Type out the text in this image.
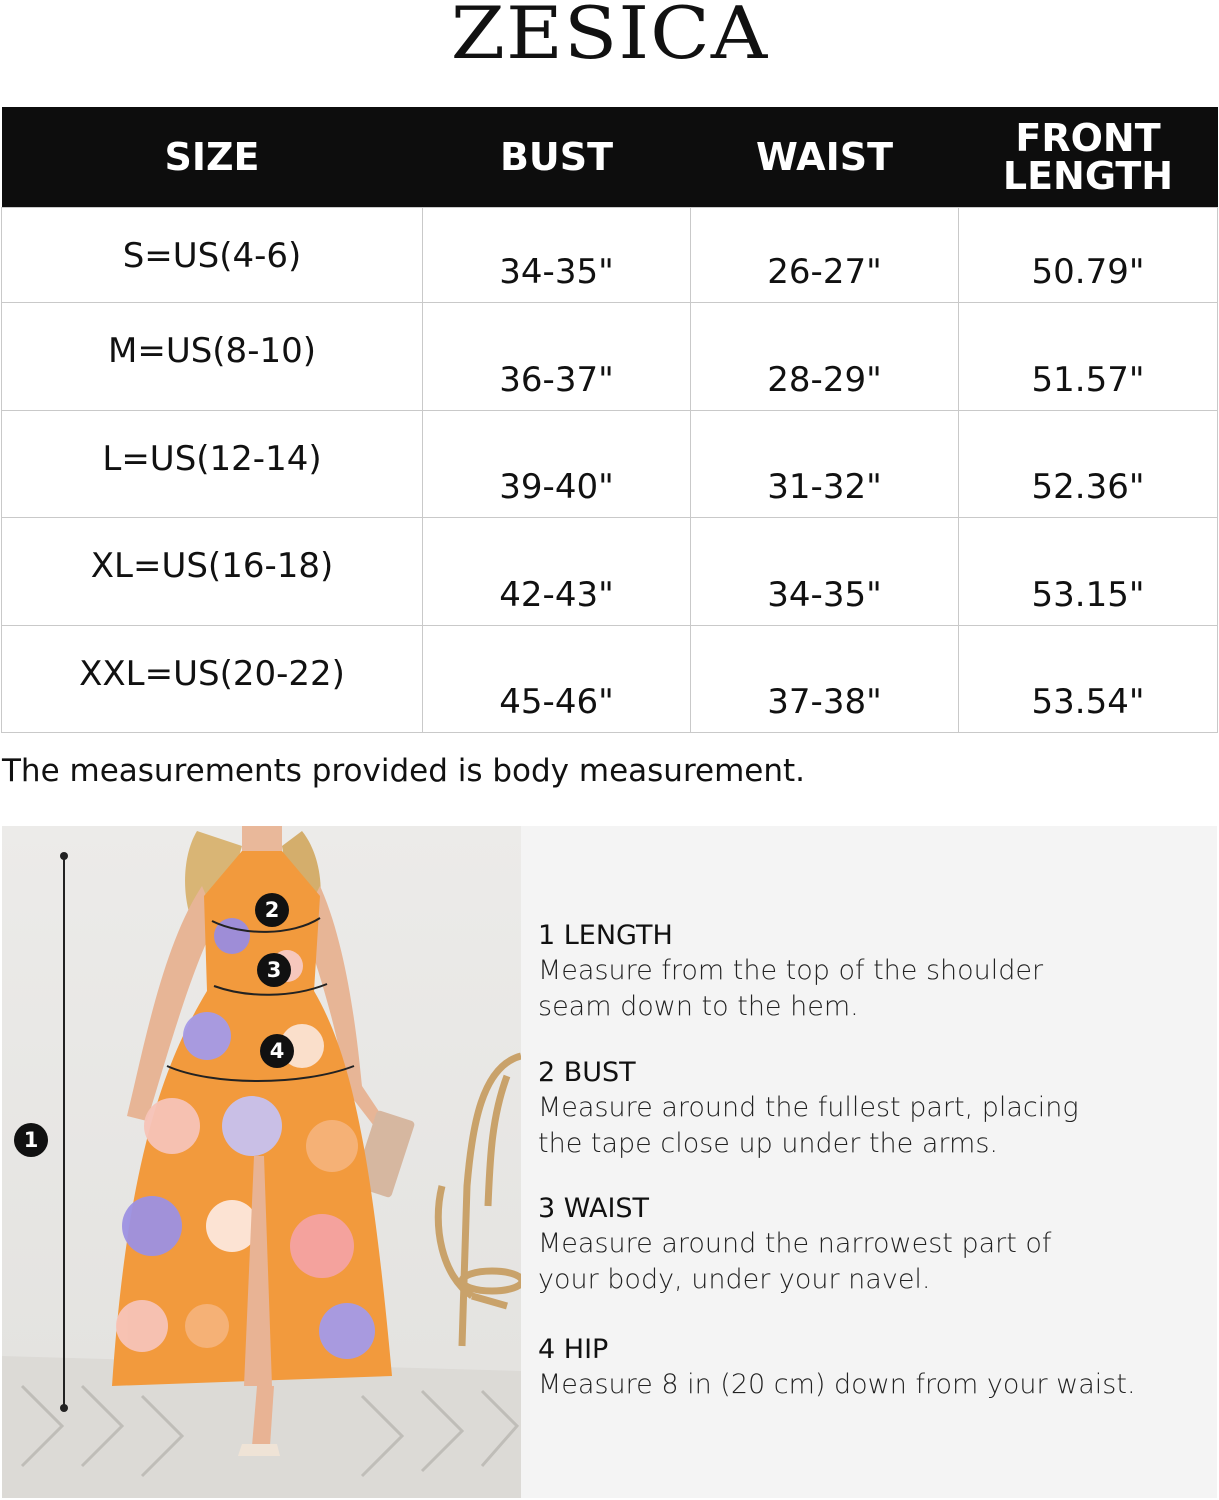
ZESICA
SIZE	BUST	WAIST	FRONT LENGTH
S=US(4-6)	34-35"	26-27"	50.79"
M=US(8-10)	36-37"	28-29"	51.57"
L=US(12-14)	39-40"	31-32"	52.36"
XL=US(16-18)	42-43"	34-35"	53.15"
XXL=US(20-22)	45-46"	37-38"	53.54"
The measurements provided is body measurement.
1
2
3
4

1 LENGTH

Measure from the top of the shoulder seam down to the hem.

2 BUST

Measure around the fullest part, placing the tape close up under the arms.

3 WAIST

Measure around the narrowest part of your body, under your navel.

4 HIP

Measure 8 in (20 cm) down from your waist.
